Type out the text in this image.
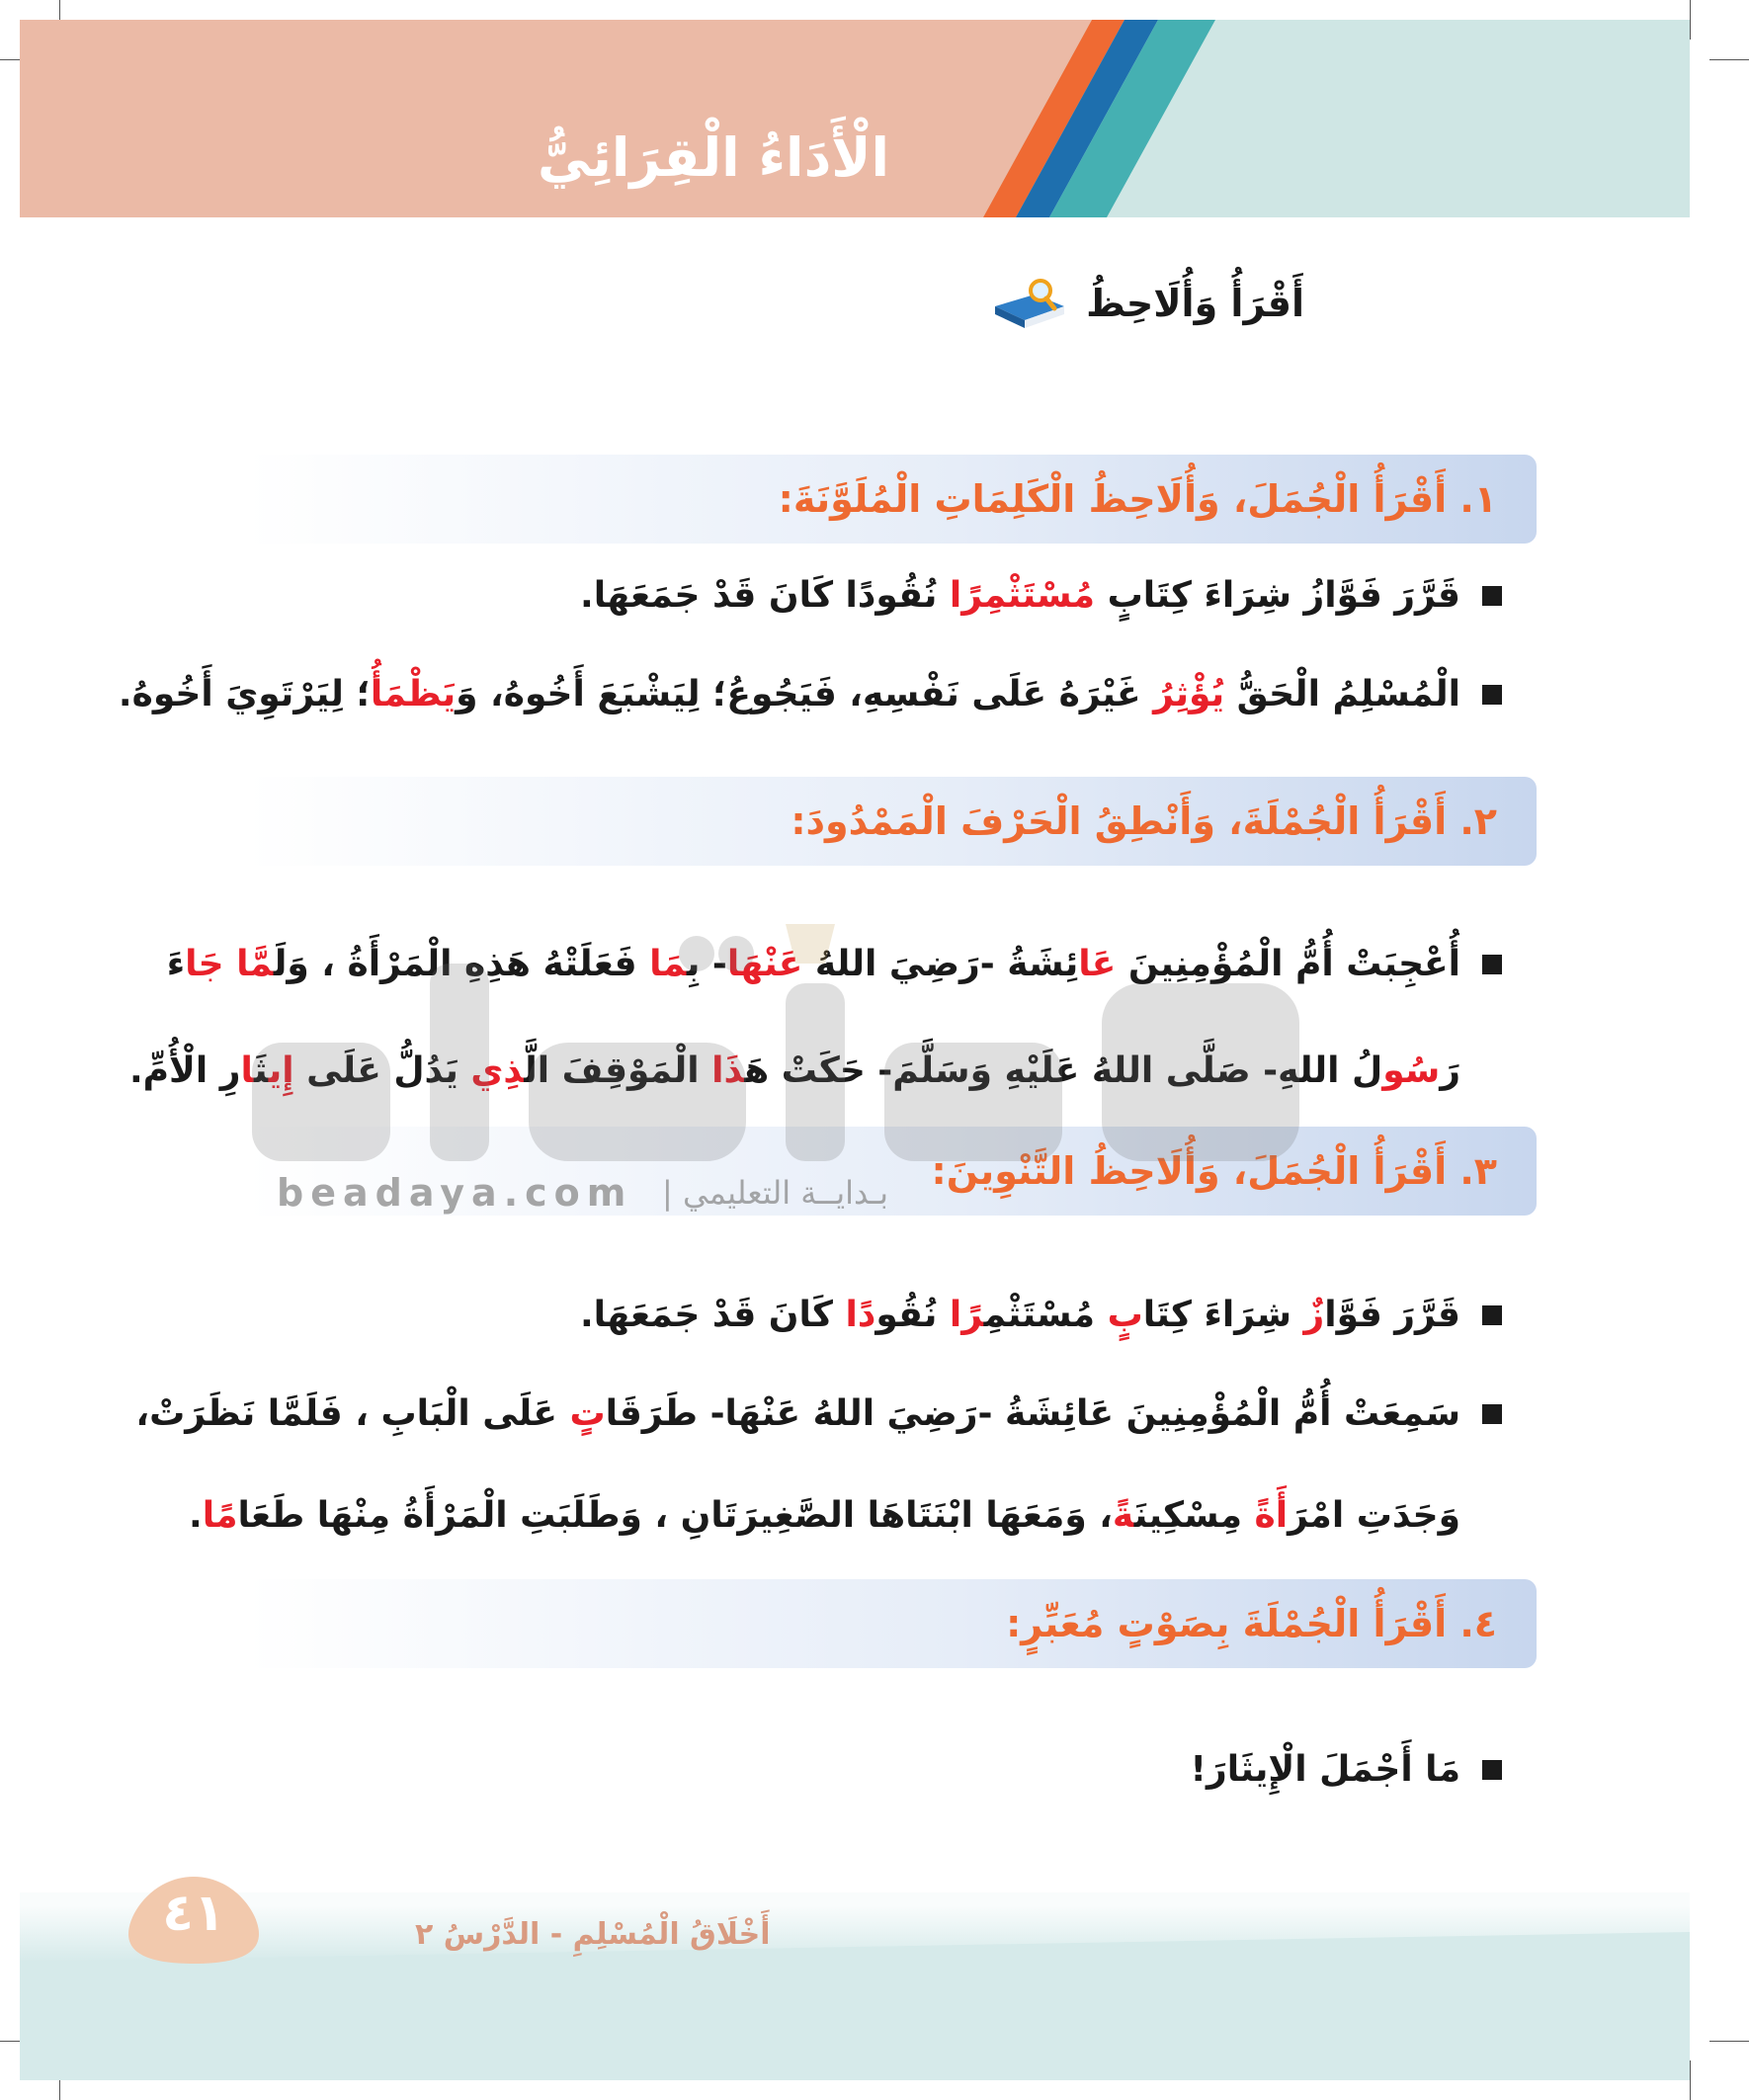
الْأَدَاءُ الْقِرَائِيُّ
أَقْرَأُ وَأُلَاحِظُ
١. أَقْرَأُ الْجُمَلَ، وَأُلَاحِظُ الْكَلِمَاتِ الْمُلَوَّنَةَ:
٢. أَقْرَأُ الْجُمْلَةَ، وَأَنْطِقُ الْحَرْفَ الْمَمْدُودَ:
٣. أَقْرَأُ الْجُمَلَ، وَأُلَاحِظُ التَّنْوِينَ:
٤. أَقْرَأُ الْجُمْلَةَ بِصَوْتٍ مُعَبِّرٍ:
قَرَّرَ فَوَّازُ شِرَاءَ كِتَابٍ مُسْتَثْمِرًا نُقُودًا كَانَ قَدْ جَمَعَهَا.
الْمُسْلِمُ الْحَقُّ يُؤْثِرُ غَيْرَهُ عَلَى نَفْسِهِ، فَيَجُوعُ؛ لِيَشْبَعَ أَخُوهُ، وَيَظْمَأُ؛ لِيَرْتَوِيَ أَخُوهُ.
أُعْجِبَتْ أُمُّ الْمُؤْمِنِينَ عَائِشَةُ -رَضِيَ اللهُ عَنْهَا- بِمَا فَعَلَتْهُ هَذِهِ الْمَرْأَةُ ، وَلَمَّا جَاءَ
رَسُولُ اللهِ- صَلَّى اللهُ عَلَيْهِ وَسَلَّمَ- حَكَتْ هَذَا الْمَوْقِفَ الَّذِي يَدُلُّ عَلَى إِيثَارِ الْأُمِّ.
قَرَّرَ فَوَّازٌ شِرَاءَ كِتَابٍ مُسْتَثْمِرًا نُقُودًا كَانَ قَدْ جَمَعَهَا.
سَمِعَتْ أُمُّ الْمُؤْمِنِينَ عَائِشَةُ -رَضِيَ اللهُ عَنْهَا- طَرَقَاتٍ عَلَى الْبَابِ ، فَلَمَّا نَظَرَتْ،
وَجَدَتِ امْرَأَةً مِسْكِينَةً، وَمَعَهَا ابْنَتَاهَا الصَّغِيرَتَانِ ، وَطَلَبَتِ الْمَرْأَةُ مِنْهَا طَعَامًا.
مَا أَجْمَلَ الْإِيثَارَ!
beadaya.com بـدايــة التعليمي |
٤١	أَخْلَاقُ الْمُسْلِمِ - الدَّرْسُ ٢
